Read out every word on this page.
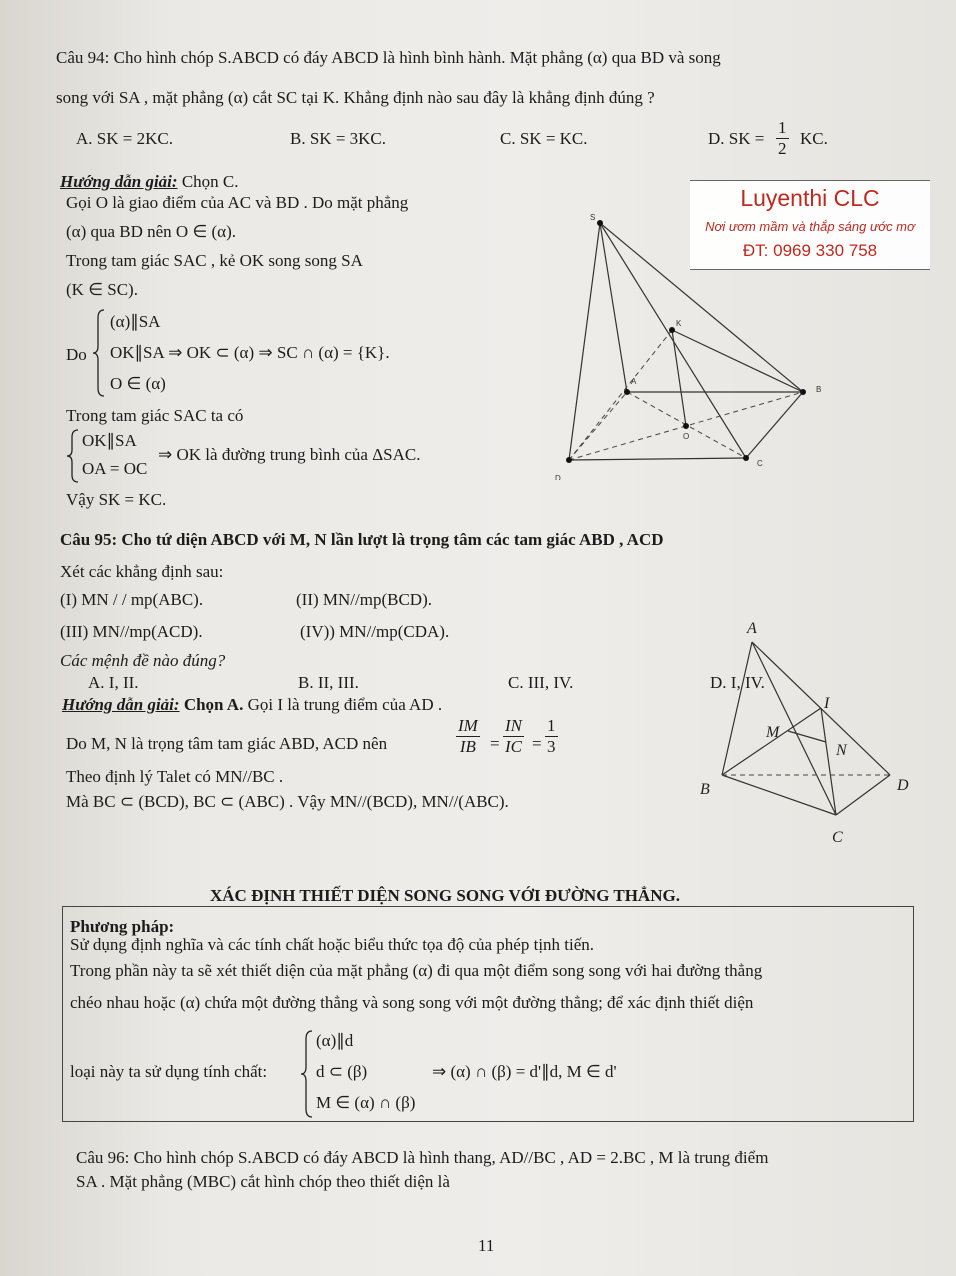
Câu 94: Cho hình chóp S.ABCD có đáy ABCD là hình bình hành. Mặt phẳng (α) qua BD và song
song với SA , mặt phẳng (α) cắt SC tại K. Khẳng định nào sau đây là khẳng định đúng ?
A. SK = 2KC.	B. SK = 3KC.	C. SK = KC.	D. SK = $\frac{1}{2}$ KC.
Hướng dẫn giải: Chọn C.
Gọi O là giao điểm của AC và BD . Do mặt phẳng
(α) qua BD nên O ∈ (α).
Trong tam giác SAC , kẻ OK song song SA
(K ∈ SC).
Do
(α)∥SA
OK∥SA ⇒ OK ⊂ (α) ⇒ SC ∩ (α) = {K}.
O ∈ (α)
Trong tam giác SAC ta có
OK∥SA
OA = OC
⇒ OK là đường trung bình của ΔSAC.
Vậy SK = KC.
S
K
A
B
O
C
D
Luyenthi CLC
Nơi ươm mầm và thắp sáng ước mơ
ĐT: 0969 330 758
Câu 95: Cho tứ diện ABCD với M, N lần lượt là trọng tâm các tam giác ABD , ACD
Xét các khẳng định sau:
(I) MN / / mp(ABC).	(II) MN//mp(BCD).
(III) MN//mp(ACD).	(IV)) MN//mp(CDA).
Các mệnh đề nào đúng?
A. I, II.	B. II, III.	C. III, IV.	D. I, IV.
Hướng dẫn giải: Chọn A. Gọi I là trung điểm của AD .
Do M, N là trọng tâm tam giác ABD, ACD nên	$\frac{IM}{IB} = \frac{IN}{IC} = \frac{1}{3}$
Theo định lý Talet có MN//BC .
Mà BC ⊂ (BCD), BC ⊂ (ABC) . Vậy MN//(BCD), MN//(ABC).
A
B
C
D
I
M
N
XÁC ĐỊNH THIẾT DIỆN SONG SONG VỚI ĐƯỜNG THẲNG.
Phương pháp:
Sử dụng định nghĩa và các tính chất hoặc biểu thức tọa độ của phép tịnh tiến.
Trong phần này ta sẽ xét thiết diện của mặt phẳng (α) đi qua một điểm song song với hai đường thẳng
chéo nhau hoặc (α) chứa một đường thẳng và song song với một đường thẳng; để xác định thiết diện
loại này ta sử dụng tính chất:
(α)∥d
d ⊂ (β)
M ∈ (α) ∩ (β)
⇒ (α) ∩ (β) = d'∥d, M ∈ d'
Câu 96: Cho hình chóp S.ABCD có đáy ABCD là hình thang, AD//BC , AD = 2.BC , M là trung điểm
SA . Mặt phẳng (MBC) cắt hình chóp theo thiết diện là
11
